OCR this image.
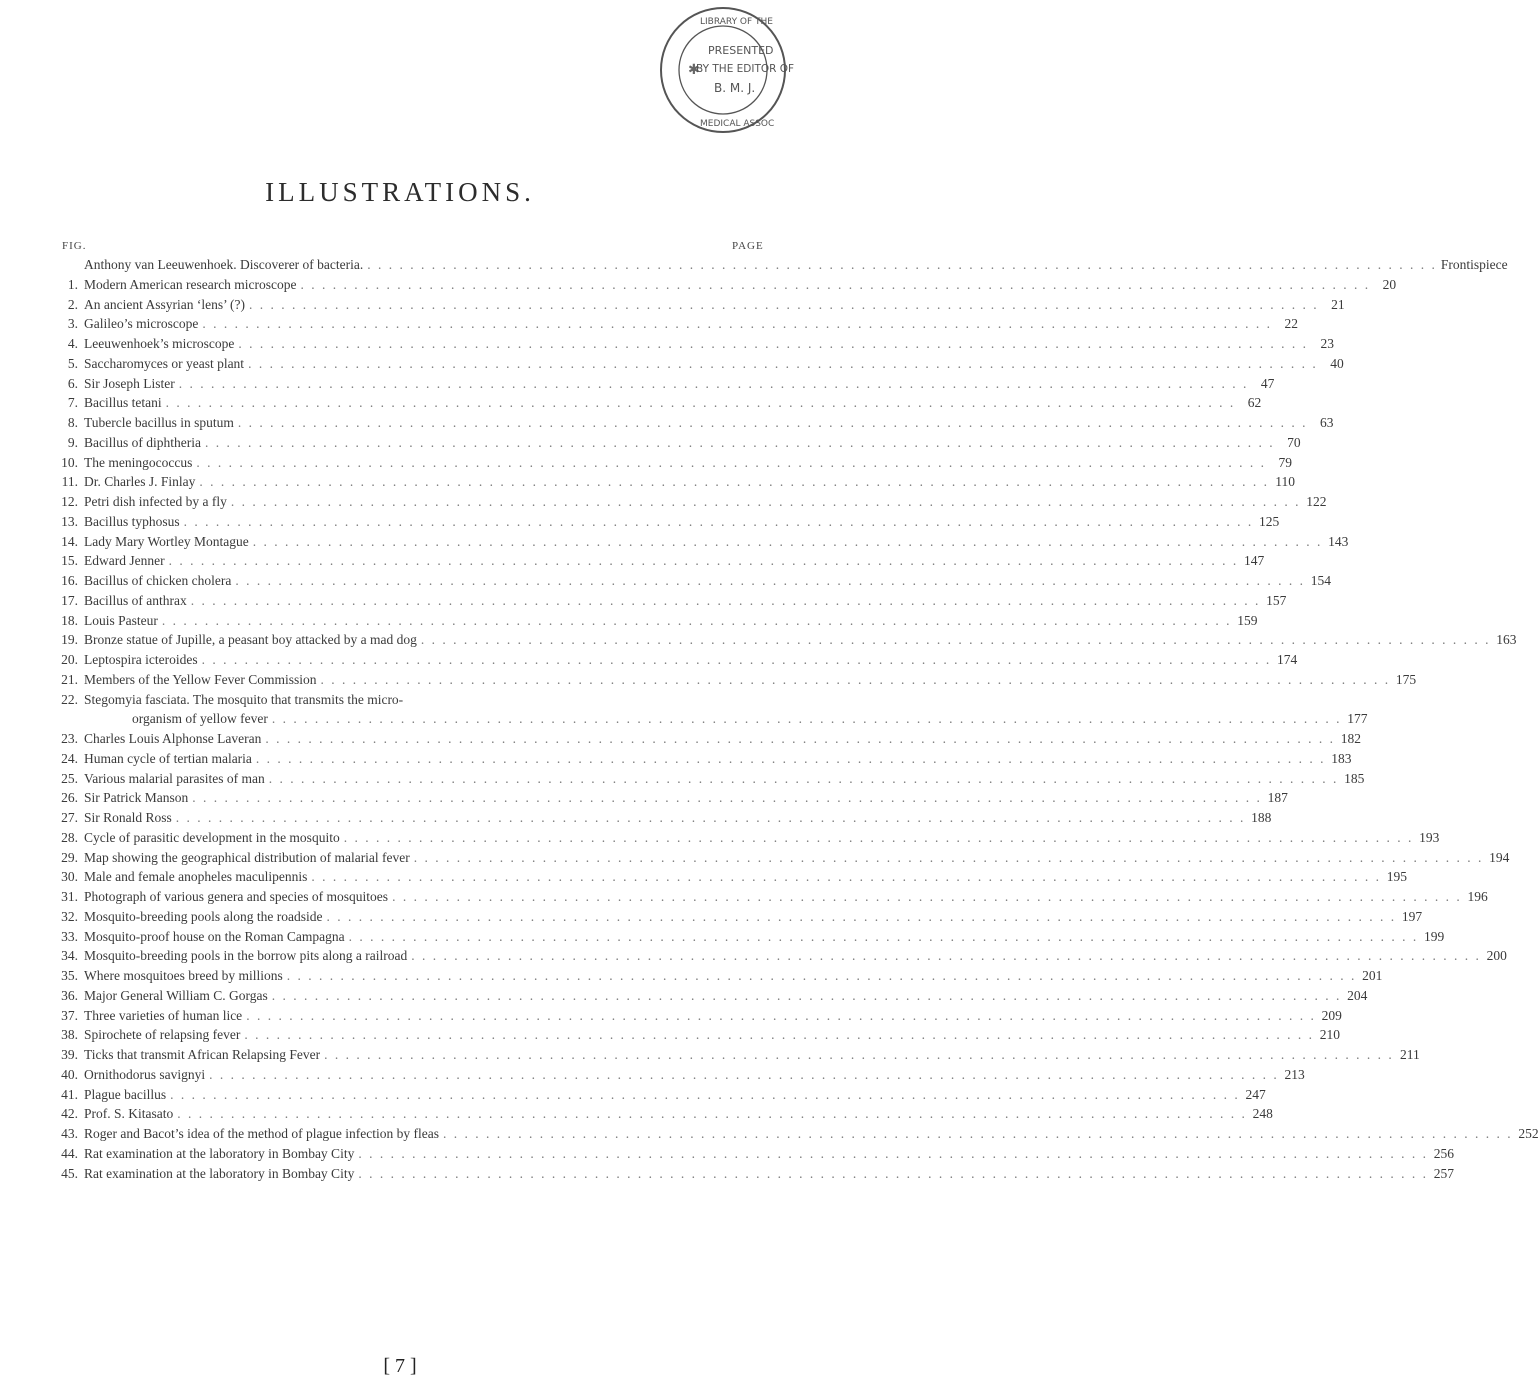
✱
PRESENTED
BY THE EDITOR OF
B. M. J.
LIBRARY OF THE
MEDICAL ASSOC
ILLUSTRATIONS.
FIG.	PAGE
Anthony van Leeuwenhoek. Discoverer of bacteria. . . .	Frontispiece
1. Modern American research microscope . . .	20
2. An ancient Assyrian ‘lens’ (?) . . .	21
3. Galileo’s microscope . . .	22
4. Leeuwenhoek’s microscope . . .	23
5. Saccharomyces or yeast plant . . .	40
6. Sir Joseph Lister . . .	47
7. Bacillus tetani . . .	62
8. Tubercle bacillus in sputum . . .	63
9. Bacillus of diphtheria . . .	70
10. The meningococcus . . .	79
11. Dr. Charles J. Finlay . . .	110
12. Petri dish infected by a fly . . .	122
13. Bacillus typhosus . . .	125
14. Lady Mary Wortley Montague . . .	143
15. Edward Jenner . . .	147
16. Bacillus of chicken cholera . . .	154
17. Bacillus of anthrax . . .	157
18. Louis Pasteur . . .	159
19. Bronze statue of Jupille, a peasant boy attacked by a mad dog . . .	163
20. Leptospira icteroides . . .	174
21. Members of the Yellow Fever Commission . . .	175
22. Stegomyia fasciata. The mosquito that transmits the micro-
organism of yellow fever . . .	177
23. Charles Louis Alphonse Laveran . . .	182
24. Human cycle of tertian malaria . . .	183
25. Various malarial parasites of man . . .	185
26. Sir Patrick Manson . . .	187
27. Sir Ronald Ross . . .	188
28. Cycle of parasitic development in the mosquito . . .	193
29. Map showing the geographical distribution of malarial fever . . .	194
30. Male and female anopheles maculipennis . . .	195
31. Photograph of various genera and species of mosquitoes . . .	196
32. Mosquito-breeding pools along the roadside . . .	197
33. Mosquito-proof house on the Roman Campagna . . .	199
34. Mosquito-breeding pools in the borrow pits along a railroad . . .	200
35. Where mosquitoes breed by millions . . .	201
36. Major General William C. Gorgas . . .	204
37. Three varieties of human lice . . .	209
38. Spirochete of relapsing fever . . .	210
39. Ticks that transmit African Relapsing Fever . . .	211
40. Ornithodorus savignyi . . .	213
41. Plague bacillus . . .	247
42. Prof. S. Kitasato . . .	248
43. Roger and Bacot’s idea of the method of plague infection by fleas . . .	252
44. Rat examination at the laboratory in Bombay City . . .	256
45. Rat examination at the laboratory in Bombay City . . .	257
[ 7 ]
